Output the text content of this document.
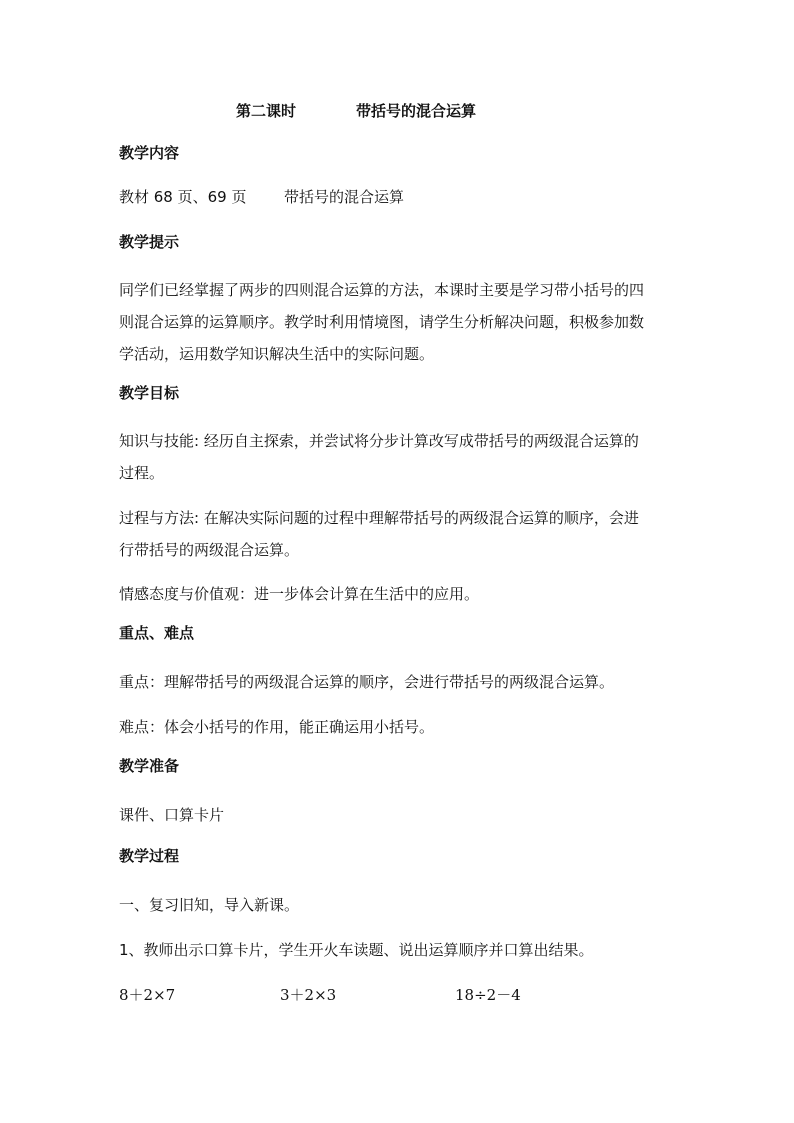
第二课时	带括号的混合运算
教学内容
教材 68 页、69 页	带括号的混合运算
教学提示
同学们已经掌握了两步的四则混合运算的方法，本课时主要是学习带小括号的四
则混合运算的运算顺序。教学时利用情境图，请学生分析解决问题，积极参加数
学活动，运用数学知识解决生活中的实际问题。
教学目标
知识与技能: 经历自主探索，并尝试将分步计算改写成带括号的两级混合运算的
过程。
过程与方法: 在解决实际问题的过程中理解带括号的两级混合运算的顺序，会进
行带括号的两级混合运算。
情感态度与价值观：进一步体会计算在生活中的应用。
重点、难点
重点：理解带括号的两级混合运算的顺序，会进行带括号的两级混合运算。
难点：体会小括号的作用，能正确运用小括号。
教学准备
课件、口算卡片
教学过程
一、复习旧知，导入新课。
1、教师出示口算卡片，学生开火车读题、说出运算顺序并口算出结果。
8＋2×7	3＋2×3	18÷2－4
